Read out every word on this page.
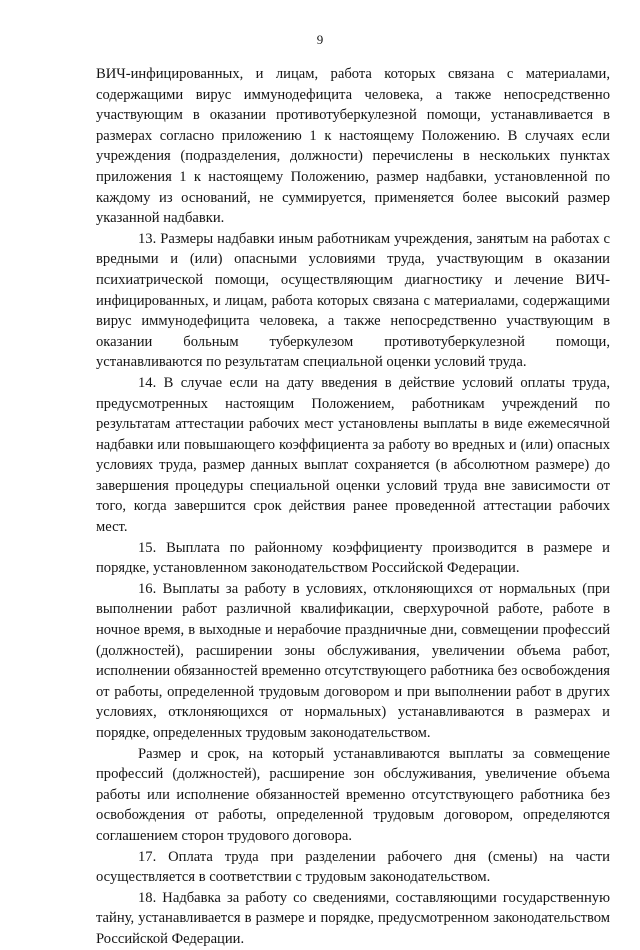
9

ВИЧ-инфицированных, и лицам, работа которых связана с материалами, содержащими вирус иммунодефицита человека, а также непосредственно участвующим в оказании противотуберкулезной помощи, устанавливается в размерах согласно приложению 1 к настоящему Положению. В случаях если учреждения (подразделения, должности) перечислены в нескольких пунктах приложения 1 к настоящему Положению, размер надбавки, установленной по каждому из оснований, не суммируется, применяется более высокий размер указанной надбавки.

13. Размеры надбавки иным работникам учреждения, занятым на работах с вредными и (или) опасными условиями труда, участвующим в оказании психиатрической помощи, осуществляющим диагностику и лечение ВИЧ-инфицированных, и лицам, работа которых связана с материалами, содержащими вирус иммунодефицита человека, а также непосредственно участвующим в оказании больным туберкулезом противотуберкулезной помощи, устанавливаются по результатам специальной оценки условий труда.

14. В случае если на дату введения в действие условий оплаты труда, предусмотренных настоящим Положением, работникам учреждений по результатам аттестации рабочих мест установлены выплаты в виде ежемесячной надбавки или повышающего коэффициента за работу во вредных и (или) опасных условиях труда, размер данных выплат сохраняется (в абсолютном размере) до завершения процедуры специальной оценки условий труда вне зависимости от того, когда завершится срок действия ранее проведенной аттестации рабочих мест.

15. Выплата по районному коэффициенту производится в размере и порядке, установленном законодательством Российской Федерации.

16. Выплаты за работу в условиях, отклоняющихся от нормальных (при выполнении работ различной квалификации, сверхурочной работе, работе в ночное время, в выходные и нерабочие праздничные дни, совмещении профессий (должностей), расширении зоны обслуживания, увеличении объема работ, исполнении обязанностей временно отсутствующего работника без освобождения от работы, определенной трудовым договором и при выполнении работ в других условиях, отклоняющихся от нормальных) устанавливаются в размерах и порядке, определенных трудовым законодательством.

Размер и срок, на который устанавливаются выплаты за совмещение профессий (должностей), расширение зон обслуживания, увеличение объема работы или исполнение обязанностей временно отсутствующего работника без освобождения от работы, определенной трудовым договором, определяются соглашением сторон трудового договора.

17. Оплата труда при разделении рабочего дня (смены) на части осуществляется в соответствии с трудовым законодательством.

18. Надбавка за работу со сведениями, составляющими государственную тайну, устанавливается в размере и порядке, предусмотренном законодательством Российской Федерации.
